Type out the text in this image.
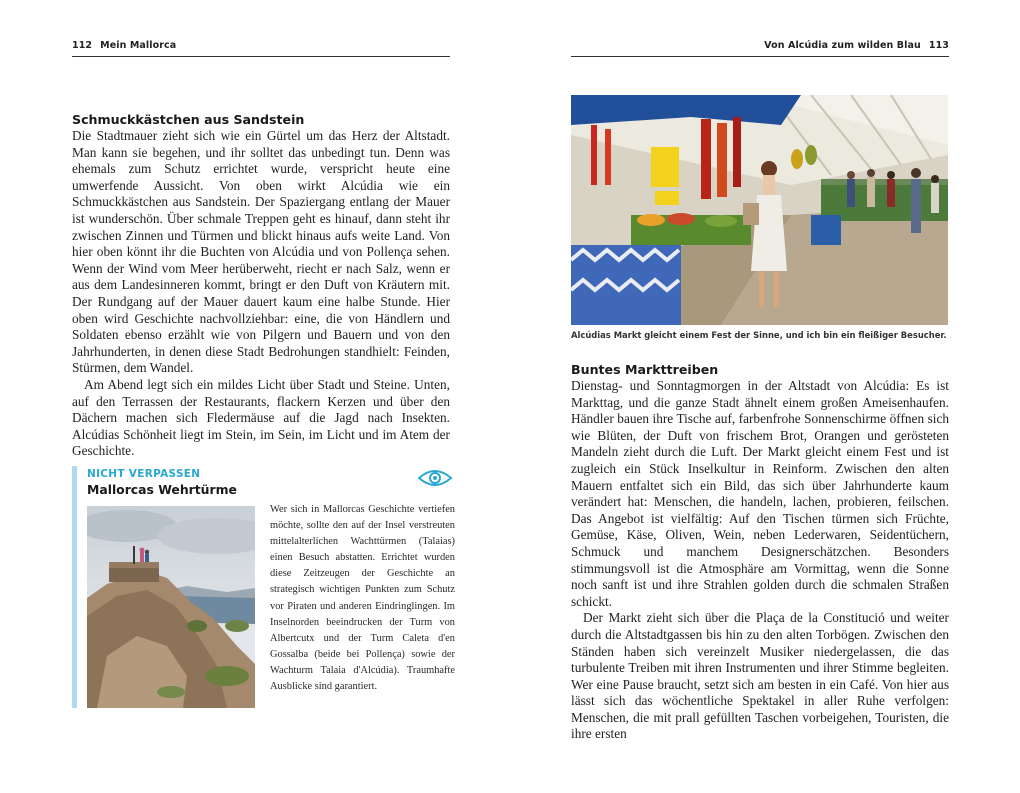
112 Mein Mallorca
Schmuckkästchen aus Sandstein

Die Stadtmauer zieht sich wie ein Gürtel um das Herz der Altstadt. Man kann sie begehen, und ihr solltet das unbedingt tun. Denn was ehemals zum Schutz errichtet wurde, verspricht heute eine umwerfende Aussicht. Von oben wirkt Alcúdia wie ein Schmuckkästchen aus Sandstein. Der Spaziergang entlang der Mauer ist wunderschön. Über schmale Treppen geht es hinauf, dann steht ihr zwischen Zinnen und Türmen und blickt hinaus aufs weite Land. Von hier oben könnt ihr die Buchten von Alcúdia und von Pollença sehen. Wenn der Wind vom Meer herüberweht, riecht er nach Salz, wenn er aus dem Landesinneren kommt, bringt er den Duft von Kräutern mit. Der Rundgang auf der Mauer dauert kaum eine halbe Stunde. Hier oben wird Geschichte nachvollziehbar: eine, die von Händlern und Soldaten ebenso erzählt wie von Pilgern und Bauern und von den Jahrhunderten, in denen diese Stadt Bedrohungen standhielt: Feinden, Stürmen, dem Wandel.

Am Abend legt sich ein mildes Licht über Stadt und Steine. Unten, auf den Terrassen der Restaurants, flackern Kerzen und über den Dächern machen sich Fledermäuse auf die Jagd nach Insekten. Alcúdias Schönheit liegt im Stein, im Sein, im Licht und im Atem der Geschichte.

NICHT VERPASSEN
Mallorcas Wehrtürme

Wer sich in Mallorcas Geschichte vertiefen möchte, sollte den auf der Insel verstreuten mittelalterlichen Wachttürmen (Talaias) einen Besuch abstatten. Errichtet wurden diese Zeitzeugen der Geschichte an strategisch wichtigen Punkten zum Schutz vor Piraten und anderen Eindringlingen. Im Inselnorden beeindrucken der Turm von Albertcutx und der Turm Caleta d'en Gossalba (beide bei Pollença) sowie der Wachturm Talaia d'Alcúdia). Traumhafte Ausblicke sind garantiert.

Von Alcúdia zum wilden Blau 113

Alcúdias Markt gleicht einem Fest der Sinne, und ich bin ein fleißiger Besucher.

Buntes Markttreiben

Dienstag- und Sonntagmorgen in der Altstadt von Alcúdia: Es ist Markttag, und die ganze Stadt ähnelt einem großen Ameisenhaufen. Händler bauen ihre Tische auf, farbenfrohe Sonnenschirme öffnen sich wie Blüten, der Duft von frischem Brot, Orangen und gerösteten Mandeln zieht durch die Luft. Der Markt gleicht einem Fest und ist zugleich ein Stück Inselkultur in Reinform. Zwischen den alten Mauern entfaltet sich ein Bild, das sich über Jahrhunderte kaum verändert hat: Menschen, die handeln, lachen, probieren, feilschen. Das Angebot ist vielfältig: Auf den Tischen türmen sich Früchte, Gemüse, Käse, Oliven, Wein, neben Lederwaren, Seidentüchern, Schmuck und manchem Designerschätzchen. Besonders stimmungsvoll ist die Atmosphäre am Vormittag, wenn die Sonne noch sanft ist und ihre Strahlen golden durch die schmalen Straßen schickt.

Der Markt zieht sich über die Plaça de la Constitució und weiter durch die Altstadtgassen bis hin zu den alten Torbögen. Zwischen den Ständen haben sich vereinzelt Musiker niedergelassen, die das turbulente Treiben mit ihren Instrumenten und ihrer Stimme begleiten. Wer eine Pause braucht, setzt sich am besten in ein Café. Von hier aus lässt sich das wöchentliche Spektakel in aller Ruhe verfolgen: Menschen, die mit prall gefüllten Taschen vorbeigehen, Touristen, die ihre ersten
